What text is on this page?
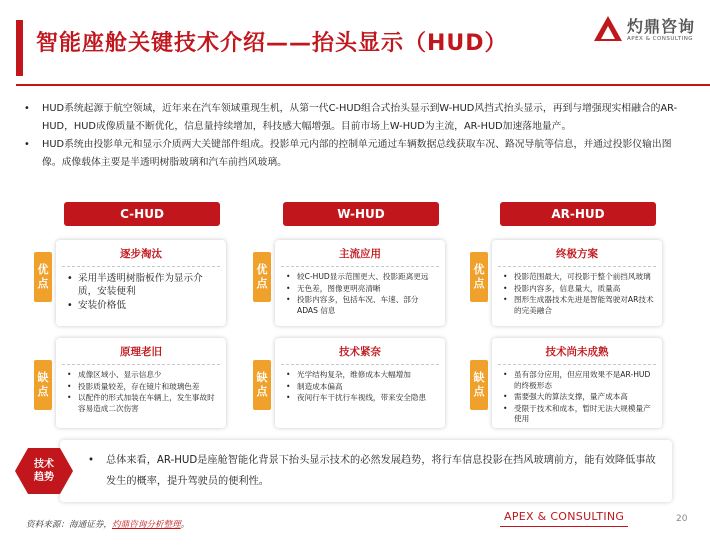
智能座舱关键技术介绍——抬头显示（HUD）
灼鼎咨询
APEX & CONSULTING
• HUD系统起源于航空领域，近年来在汽车领域重现生机，从第一代C-HUD组合式抬头显示到W-HUD风挡式抬头显示，再到与增强现实相融合的AR-HUD，HUD成像质量不断优化，信息量持续增加，科技感大幅增强。目前市场上W-HUD为主流，AR-HUD加速落地量产。
• HUD系统由投影单元和显示介质两大关键部件组成。投影单元内部的控制单元通过车辆数据总线获取车况、路况导航等信息，并通过投影仪输出图像。成像载体主要是半透明树脂玻璃和汽车前挡风玻璃。
C-HUD	W-HUD	AR-HUD
优
点
优
点
优
点
缺
点
缺
点
缺
点
逐步淘汰
• 采用半透明树脂板作为显示介质，安装便利
• 安装价格低
原理老旧
• 成像区域小、显示信息少
• 投影质量较差，存在镜片和玻璃色差
• 以配件的形式加装在车辆上，发生事故时容易造成二次伤害
主流应用
• 较C-HUD显示范围更大、投影距离更远
• 无色差，图像更明亮清晰
• 投影内容多，包括车况、车速、部分 ADAS 信息
技术紧奈
• 光学结构复杂，维修成本大幅增加
• 制造成本偏高
• 夜间行车干扰行车视线，带来安全隐患
终极方案
• 投影范围最大，可投影于整个前挡风玻璃
• 投影内容多，信息量大，质量高
• 图形生成器技术先进是智能驾驶对AR技术的完美融合
技术尚未成熟
• 虽有部分应用，但应用效果不是AR-HUD的终极形态
• 需要强大的算法支撑，量产成本高
• 受限于技术和成本，暂时无法大规模量产使用
• 总体来看，AR-HUD是座舱智能化背景下抬头显示技术的必然发展趋势，将行车信息投影在挡风玻璃前方，能有效降低事故发生的概率，提升驾驶员的便利性。
技术
趋势
资料来源：海通证券，灼鼎咨询分析整理。
APEX & CONSULTING	20
